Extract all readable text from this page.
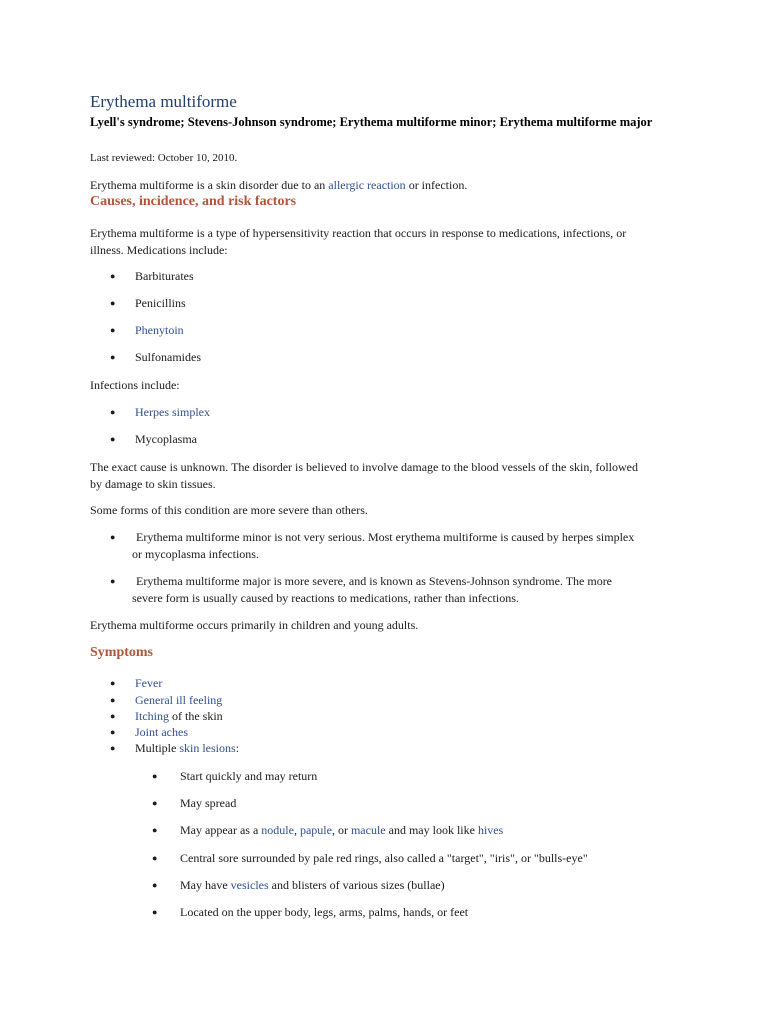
Erythema multiforme
Lyell's syndrome; Stevens-Johnson syndrome; Erythema multiforme minor; Erythema multiforme major
Last reviewed: October 10, 2010.
Erythema multiforme is a skin disorder due to an allergic reaction or infection.
Causes, incidence, and risk factors
Erythema multiforme is a type of hypersensitivity reaction that occurs in response to medications, infections, or
illness. Medications include:
● Barbiturates
● Penicillins
● Phenytoin
● Sulfonamides
Infections include:
● Herpes simplex
● Mycoplasma
The exact cause is unknown. The disorder is believed to involve damage to the blood vessels of the skin, followed
by damage to skin tissues.
Some forms of this condition are more severe than others.
● Erythema multiforme minor is not very serious. Most erythema multiforme is caused by herpes simplex
or mycoplasma infections.
● Erythema multiforme major is more severe, and is known as Stevens-Johnson syndrome. The more
severe form is usually caused by reactions to medications, rather than infections.
Erythema multiforme occurs primarily in children and young adults.
Symptoms
● Fever
● General ill feeling
● Itching of the skin
● Joint aches
● Multiple skin lesions:
● Start quickly and may return
● May spread
● May appear as a nodule, papule, or macule and may look like hives
● Central sore surrounded by pale red rings, also called a "target", "iris", or "bulls-eye"
● May have vesicles and blisters of various sizes (bullae)
● Located on the upper body, legs, arms, palms, hands, or feet
